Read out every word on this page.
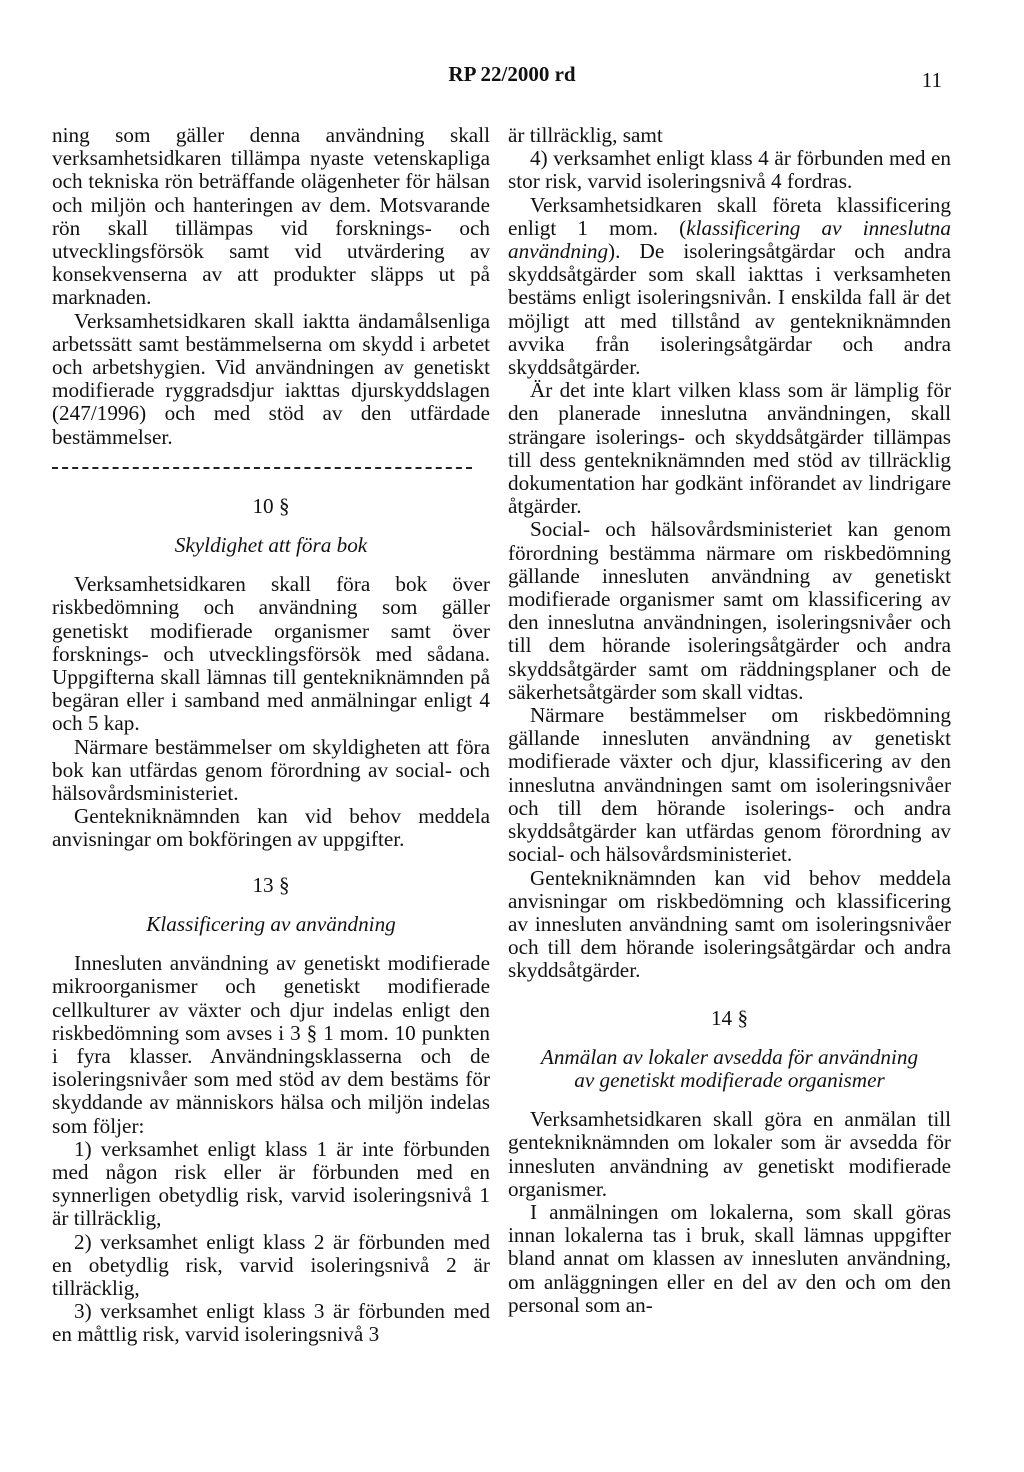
RP 22/2000 rd	11

ning som gäller denna användning skall verksamhetsidkaren tillämpa nyaste vetenskapliga och tekniska rön beträffande olägenheter för hälsan och miljön och hanteringen av dem. Motsvarande rön skall tillämpas vid forsknings- och utvecklingsförsök samt vid utvärdering av konsekvenserna av att produkter släpps ut på marknaden.

Verksamhetsidkaren skall iaktta ändamålsenliga arbetssätt samt bestämmelserna om skydd i arbetet och arbetshygien. Vid användningen av genetiskt modifierade ryggradsdjur iakttas djurskyddslagen (247/1996) och med stöd av den utfärdade bestämmelser.

10 §

Skyldighet att föra bok

Verksamhetsidkaren skall föra bok över riskbedömning och användning som gäller genetiskt modifierade organismer samt över forsknings- och utvecklingsförsök med sådana. Uppgifterna skall lämnas till gentekniknämnden på begäran eller i samband med anmälningar enligt 4 och 5 kap.

Närmare bestämmelser om skyldigheten att föra bok kan utfärdas genom förordning av social- och hälsovårdsministeriet.

Gentekniknämnden kan vid behov meddela anvisningar om bokföringen av uppgifter.

13 §

Klassificering av användning

Innesluten användning av genetiskt modifierade mikroorganismer och genetiskt modifierade cellkulturer av växter och djur indelas enligt den riskbedömning som avses i 3 § 1 mom. 10 punkten i fyra klasser. Användningsklasserna och de isoleringsnivåer som med stöd av dem bestäms för skyddande av människors hälsa och miljön indelas som följer:

1) verksamhet enligt klass 1 är inte förbunden med någon risk eller är förbunden med en synnerligen obetydlig risk, varvid isoleringsnivå 1 är tillräcklig,

2) verksamhet enligt klass 2 är förbunden med en obetydlig risk, varvid isoleringsnivå 2 är tillräcklig,

3) verksamhet enligt klass 3 är förbunden med en måttlig risk, varvid isoleringsnivå 3

är tillräcklig, samt

4) verksamhet enligt klass 4 är förbunden med en stor risk, varvid isoleringsnivå 4 fordras.

Verksamhetsidkaren skall företa klassificering enligt 1 mom. (klassificering av inneslutna användning). De isoleringsåtgärdar och andra skyddsåtgärder som skall iakttas i verksamheten bestäms enligt isoleringsnivån. I enskilda fall är det möjligt att med tillstånd av gentekniknämnden avvika från isoleringsåtgärdar och andra skyddsåtgärder.

Är det inte klart vilken klass som är lämplig för den planerade inneslutna användningen, skall strängare isolerings- och skyddsåtgärder tillämpas till dess gentekniknämnden med stöd av tillräcklig dokumentation har godkänt införandet av lindrigare åtgärder.

Social- och hälsovårdsministeriet kan genom förordning bestämma närmare om riskbedömning gällande innesluten användning av genetiskt modifierade organismer samt om klassificering av den inneslutna användningen, isoleringsnivåer och till dem hörande isoleringsåtgärder och andra skyddsåtgärder samt om räddningsplaner och de säkerhetsåtgärder som skall vidtas.

Närmare bestämmelser om riskbedömning gällande innesluten användning av genetiskt modifierade växter och djur, klassificering av den inneslutna användningen samt om isoleringsnivåer och till dem hörande isolerings- och andra skyddsåtgärder kan utfärdas genom förordning av social- och hälsovårdsministeriet.

Gentekniknämnden kan vid behov meddela anvisningar om riskbedömning och klassificering av innesluten användning samt om isoleringsnivåer och till dem hörande isoleringsåtgärdar och andra skyddsåtgärder.

14 §

Anmälan av lokaler avsedda för användning

av genetiskt modifierade organismer

Verksamhetsidkaren skall göra en anmälan till gentekniknämnden om lokaler som är avsedda för innesluten användning av genetiskt modifierade organismer.

I anmälningen om lokalerna, som skall göras innan lokalerna tas i bruk, skall lämnas uppgifter bland annat om klassen av innesluten användning, om anläggningen eller en del av den och om den personal som an-
